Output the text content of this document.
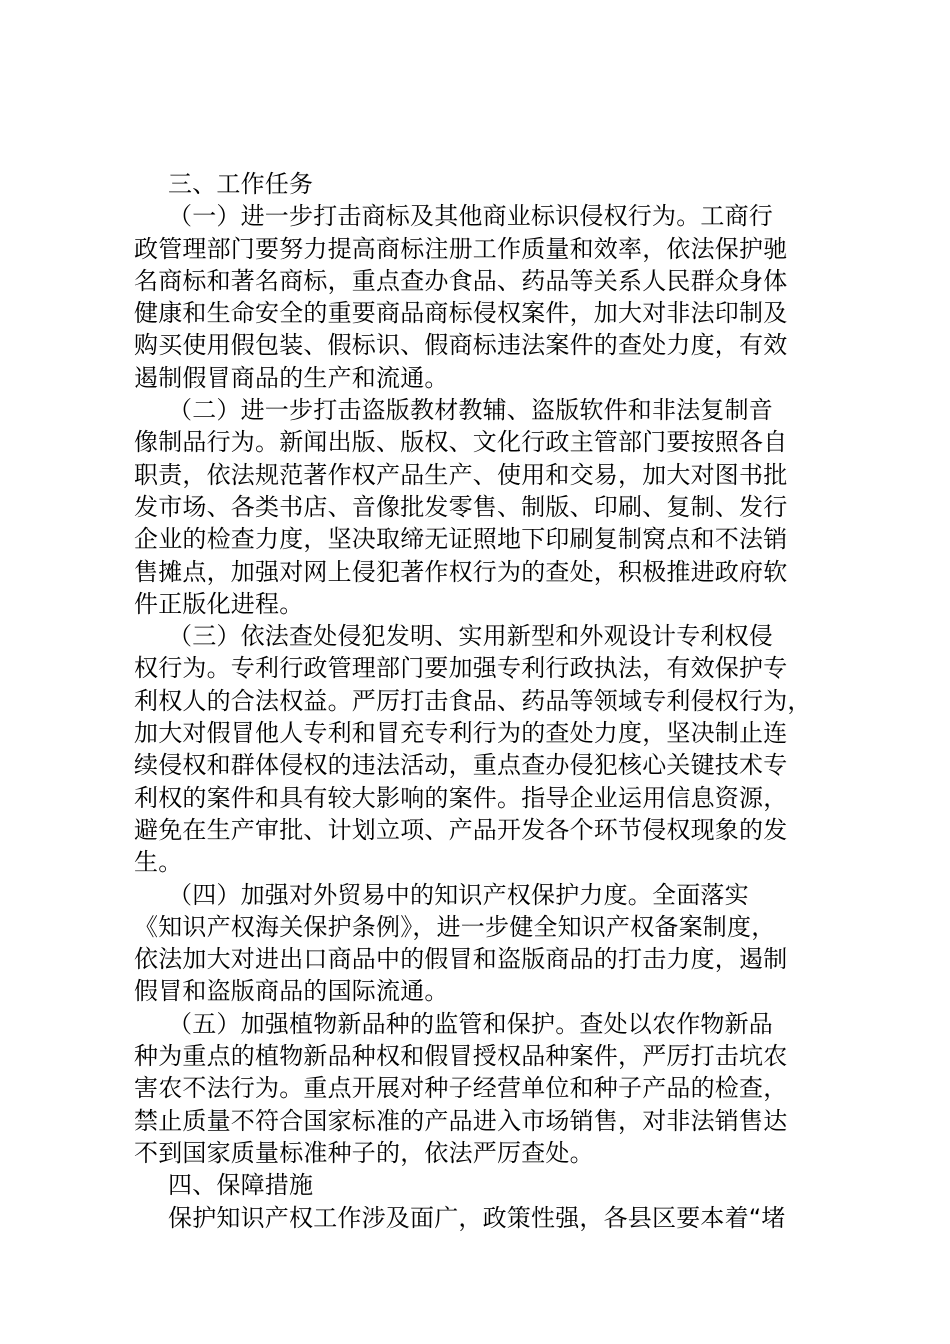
三、工作任务
（一）进一步打击商标及其他商业标识侵权行为。工商行
政管理部门要努力提高商标注册工作质量和效率，依法保护驰
名商标和著名商标，重点查办食品、药品等关系人民群众身体
健康和生命安全的重要商品商标侵权案件，加大对非法印制及
购买使用假包装、假标识、假商标违法案件的查处力度，有效
遏制假冒商品的生产和流通。
（二）进一步打击盗版教材教辅、盗版软件和非法复制音
像制品行为。新闻出版、版权、文化行政主管部门要按照各自
职责，依法规范著作权产品生产、使用和交易，加大对图书批
发市场、各类书店、音像批发零售、制版、印刷、复制、发行
企业的检查力度，坚决取缔无证照地下印刷复制窝点和不法销
售摊点，加强对网上侵犯著作权行为的查处，积极推进政府软
件正版化进程。
（三）依法查处侵犯发明、实用新型和外观设计专利权侵
权行为。专利行政管理部门要加强专利行政执法，有效保护专
利权人的合法权益。严厉打击食品、药品等领域专利侵权行为，
加大对假冒他人专利和冒充专利行为的查处力度，坚决制止连
续侵权和群体侵权的违法活动，重点查办侵犯核心关键技术专
利权的案件和具有较大影响的案件。指导企业运用信息资源，
避免在生产审批、计划立项、产品开发各个环节侵权现象的发
生。
（四）加强对外贸易中的知识产权保护力度。全面落实
《知识产权海关保护条例》，进一步健全知识产权备案制度，
依法加大对进出口商品中的假冒和盗版商品的打击力度，遏制
假冒和盗版商品的国际流通。
（五）加强植物新品种的监管和保护。查处以农作物新品
种为重点的植物新品种权和假冒授权品种案件，严厉打击坑农
害农不法行为。重点开展对种子经营单位和种子产品的检查，
禁止质量不符合国家标准的产品进入市场销售，对非法销售达
不到国家质量标准种子的，依法严厉查处。
四、保障措施
保护知识产权工作涉及面广，政策性强，各县区要本着“堵
